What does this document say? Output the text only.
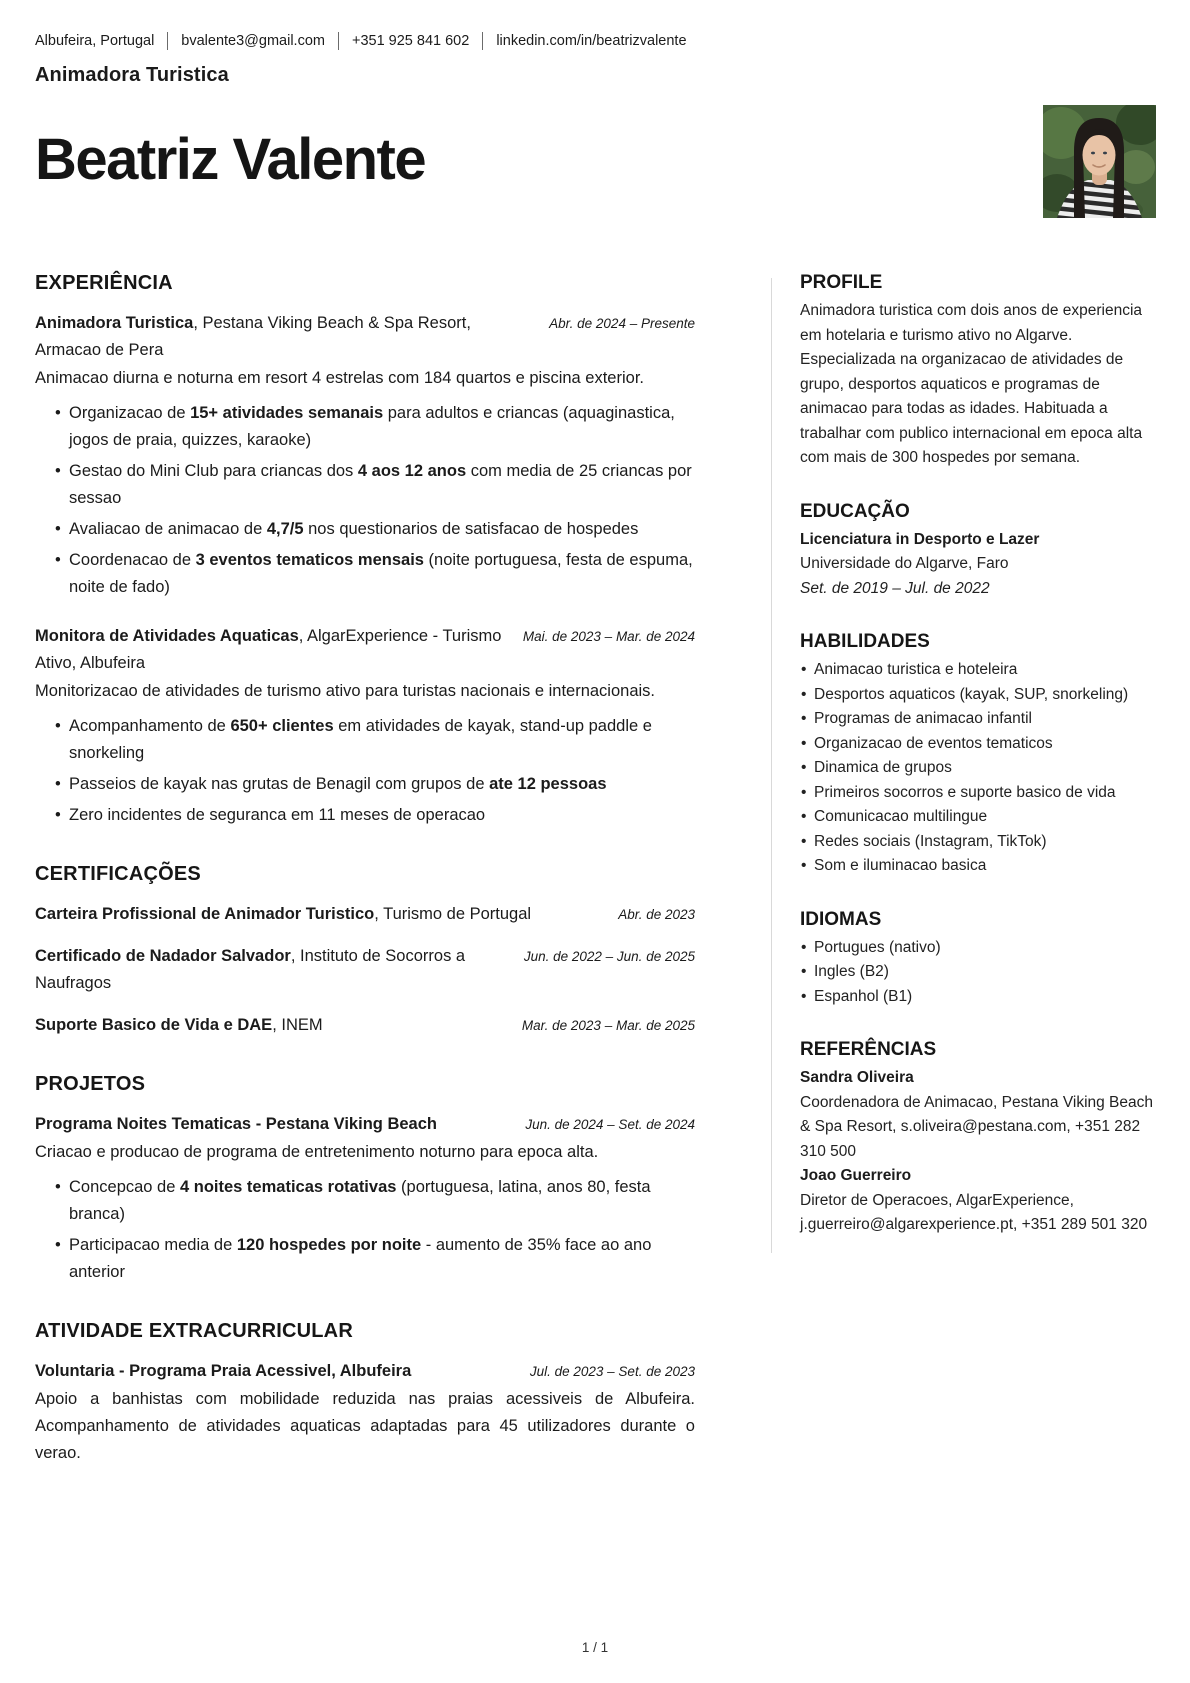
Albufeira, Portugal bvalente3@gmail.com +351 925 841 602 linkedin.com/in/beatrizvalente
Animadora Turistica
Beatriz Valente
EXPERIÊNCIA
Animadora Turistica, Pestana Viking Beach & Spa Resort, Armacao de Pera
Abr. de 2024 – Presente
Animacao diurna e noturna em resort 4 estrelas com 184 quartos e piscina exterior.
• Organizacao de 15+ atividades semanais para adultos e criancas (aquaginastica, jogos de praia, quizzes, karaoke)
• Gestao do Mini Club para criancas dos 4 aos 12 anos com media de 25 criancas por sessao
• Avaliacao de animacao de 4,7/5 nos questionarios de satisfacao de hospedes
• Coordenacao de 3 eventos tematicos mensais (noite portuguesa, festa de espuma, noite de fado)
Monitora de Atividades Aquaticas, AlgarExperience - Turismo Ativo, Albufeira
Mai. de 2023 – Mar. de 2024
Monitorizacao de atividades de turismo ativo para turistas nacionais e internacionais.
• Acompanhamento de 650+ clientes em atividades de kayak, stand-up paddle e snorkeling
• Passeios de kayak nas grutas de Benagil com grupos de ate 12 pessoas
• Zero incidentes de seguranca em 11 meses de operacao
CERTIFICAÇÕES
Carteira Profissional de Animador Turistico, Turismo de Portugal	Abr. de 2023
Certificado de Nadador Salvador, Instituto de Socorros a Naufragos
Jun. de 2022 – Jun. de 2025
Suporte Basico de Vida e DAE, INEM	Mar. de 2023 – Mar. de 2025
PROJETOS
Programa Noites Tematicas - Pestana Viking Beach	Jun. de 2024 – Set. de 2024
Criacao e producao de programa de entretenimento noturno para epoca alta.
• Concepcao de 4 noites tematicas rotativas (portuguesa, latina, anos 80, festa branca)
• Participacao media de 120 hospedes por noite - aumento de 35% face ao ano anterior
ATIVIDADE EXTRACURRICULAR
Voluntaria - Programa Praia Acessivel, Albufeira	Jul. de 2023 – Set. de 2023
Apoio a banhistas com mobilidade reduzida nas praias acessiveis de Albufeira. Acompanhamento de atividades aquaticas adaptadas para 45 utilizadores durante o verao.
PROFILE
Animadora turistica com dois anos de experiencia em hotelaria e turismo ativo no Algarve. Especializada na organizacao de atividades de grupo, desportos aquaticos e programas de animacao para todas as idades. Habituada a trabalhar com publico internacional em epoca alta com mais de 300 hospedes por semana.
EDUCAÇÃO
Licenciatura in Desporto e Lazer
Universidade do Algarve, Faro
Set. de 2019 – Jul. de 2022
HABILIDADES
• Animacao turistica e hoteleira
• Desportos aquaticos (kayak, SUP, snorkeling)
• Programas de animacao infantil
• Organizacao de eventos tematicos
• Dinamica de grupos
• Primeiros socorros e suporte basico de vida
• Comunicacao multilingue
• Redes sociais (Instagram, TikTok)
• Som e iluminacao basica
IDIOMAS
• Portugues (nativo)
• Ingles (B2)
• Espanhol (B1)
REFERÊNCIAS
Sandra Oliveira
Coordenadora de Animacao, Pestana Viking Beach & Spa Resort, s.oliveira@pestana.com, +351 282 310 500
Joao Guerreiro
Diretor de Operacoes, AlgarExperience, j.guerreiro@algarexperience.pt, +351 289 501 320
1 / 1
